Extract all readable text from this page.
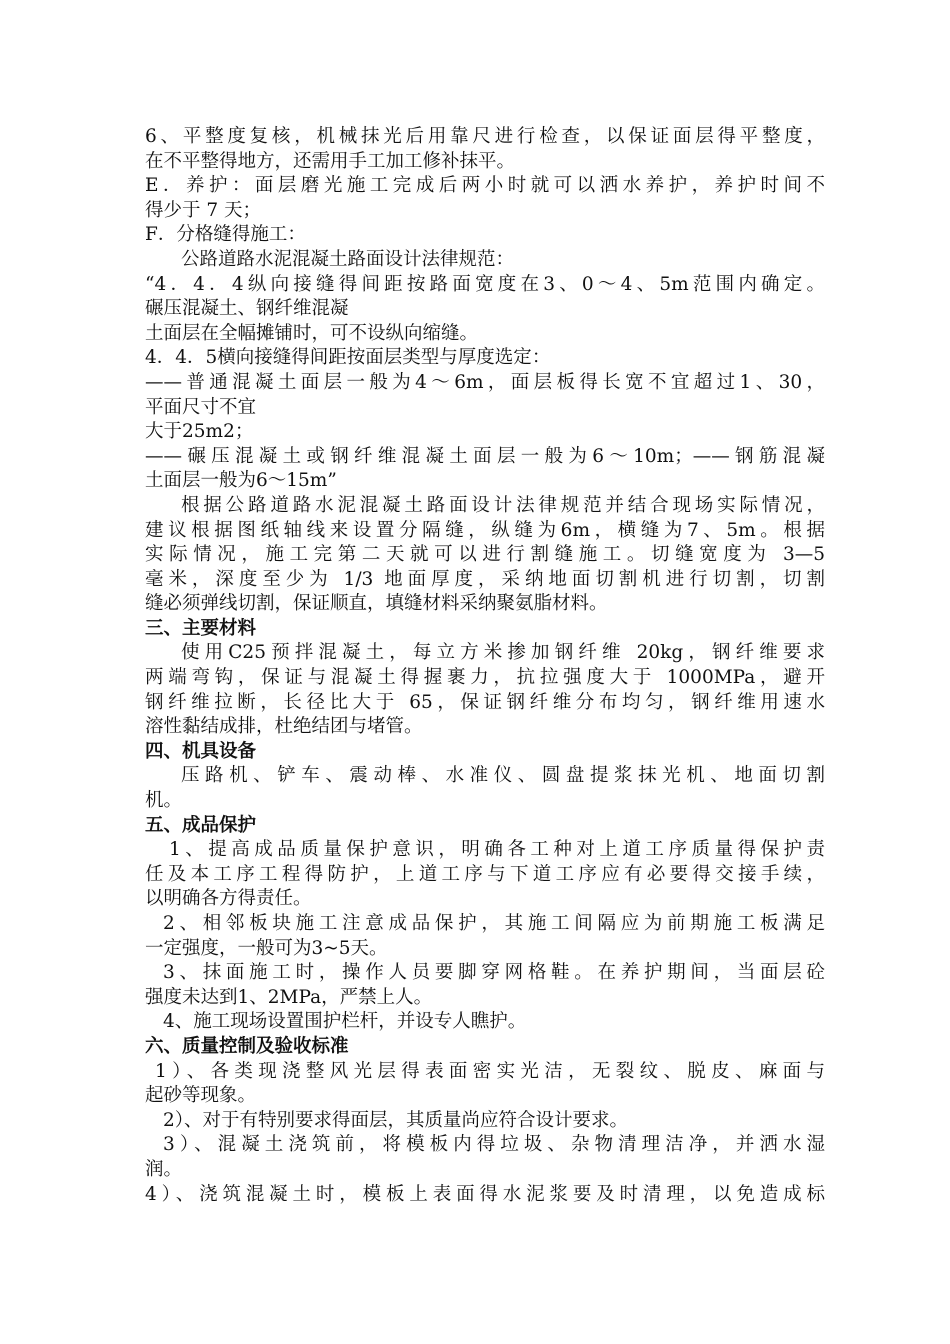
6、平整度复核，机械抹光后用靠尺进行检查，以保证面层得平整度，
在不平整得地方，还需用手工加工修补抹平。
E．养护：面层磨光施工完成后两小时就可以洒水养护，养护时间不
得少于 7 天；
F．分格缝得施工：
公路道路水泥混凝土路面设计法律规范：
“4．4．4纵向接缝得间距按路面宽度在3、0～4、5m范围内确定。
碾压混凝土、钢纤维混凝
土面层在全幅摊铺时，可不设纵向缩缝。
4．4．5横向接缝得间距按面层类型与厚度选定：
——普通混凝土面层一般为4～6m，面层板得长宽不宜超过1、30，
平面尺寸不宜
大于25m2；
——碾压混凝土或钢纤维混凝土面层一般为6～10m；——钢筋混凝
土面层一般为6～15m”
根据公路道路水泥混凝土路面设计法律规范并结合现场实际情况，
建议根据图纸轴线来设置分隔缝，纵缝为6m，横缝为7、5m。根据
实际情况，施工完第二天就可以进行割缝施工。切缝宽度为 3—5
毫米，深度至少为 1/3 地面厚度，采纳地面切割机进行切割，切割
缝必须弹线切割，保证顺直，填缝材料采纳聚氨脂材料。
三、主要材料
使用C25预拌混凝土，每立方米掺加钢纤维 20kg，钢纤维要求
两端弯钩，保证与混凝土得握裹力，抗拉强度大于 1000MPa，避开
钢纤维拉断，长径比大于 65，保证钢纤维分布均匀，钢纤维用速水
溶性黏结成排，杜绝结团与堵管。
四、机具设备
压路机、铲车、震动棒、水准仪、圆盘提浆抹光机、地面切割
机。
五、成品保护
1、提高成品质量保护意识，明确各工种对上道工序质量得保护责
任及本工序工程得防护，上道工序与下道工序应有必要得交接手续，
以明确各方得责任。
2、相邻板块施工注意成品保护，其施工间隔应为前期施工板满足
一定强度，一般可为3~5天。
3、抹面施工时，操作人员要脚穿网格鞋。在养护期间，当面层砼
强度未达到1、2MPa，严禁上人。
4、施工现场设置围护栏杆，并设专人瞧护。
六、质量控制及验收标准
1）、各类现浇整风光层得表面密实光洁，无裂纹、脱皮、麻面与
起砂等现象。
2）、对于有特别要求得面层，其质量尚应符合设计要求。
3）、混凝土浇筑前，将模板内得垃圾、杂物清理洁净，并洒水湿
润。
4）、浇筑混凝土时，模板上表面得水泥浆要及时清理，以免造成标
